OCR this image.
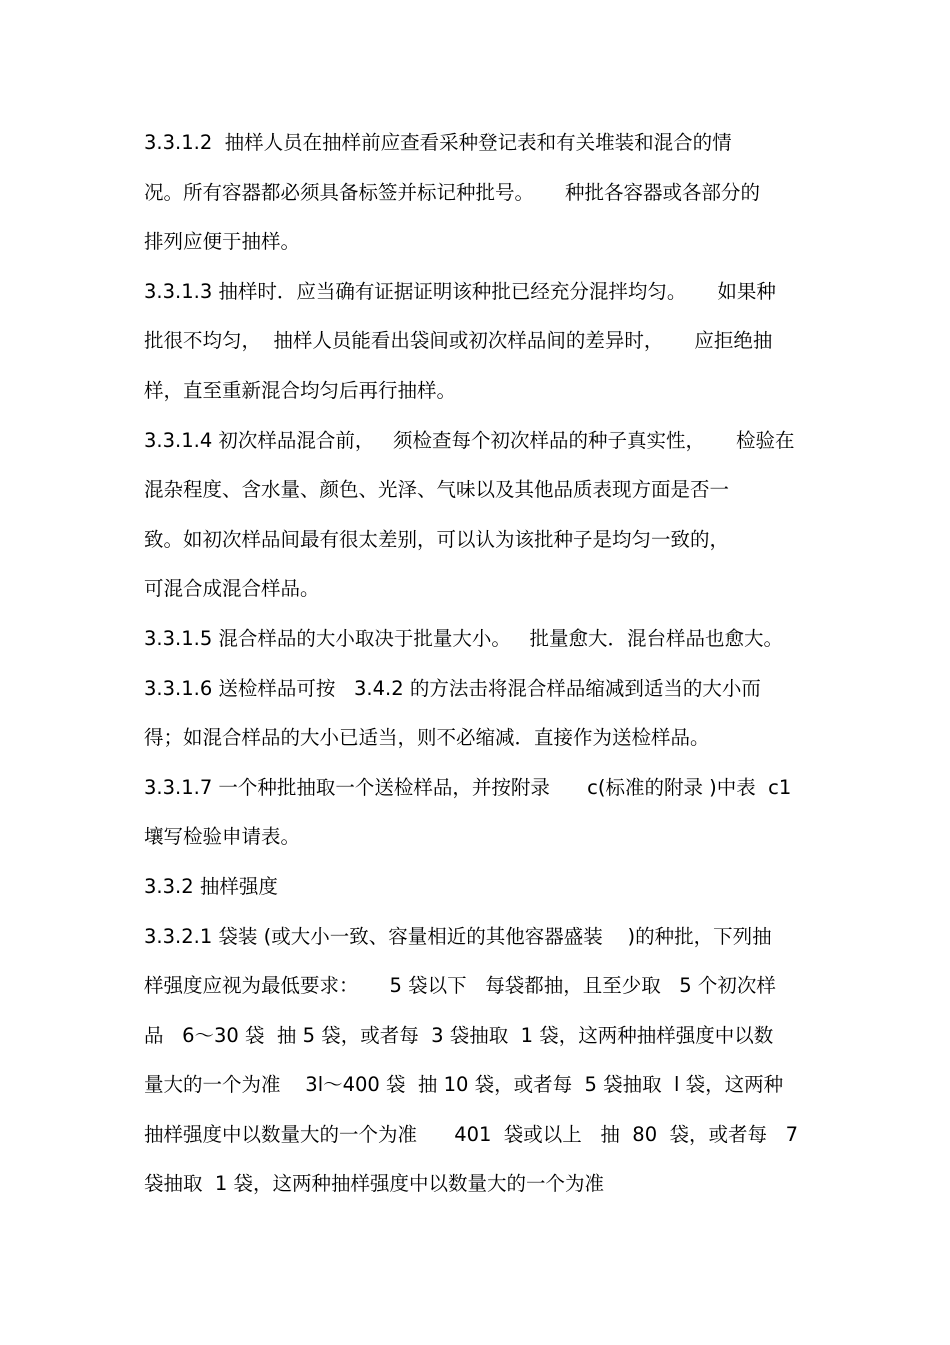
3.3.1.2  抽样人员在抽样前应查看采种登记表和有关堆装和混合的情
况。所有容器都必须具备标签并标记种批号。     种批各容器或各部分的
排列应便于抽样。
3.3.1.3 抽样时．应当确有证据证明该种批已经充分混拌均匀。     如果种
批很不均匀，  抽样人员能看出袋间或初次样品间的差异时，     应拒绝抽
样，直至重新混合均匀后再行抽样。
3.3.1.4 初次样品混合前，   须检查每个初次样品的种子真实性，     检验在
混杂程度、含水量、颜色、光泽、气味以及其他品质表现方面是否一
致。如初次样品间最有很太差别，可以认为该批种子是均匀一致的，
可混合成混合样品。
3.3.1.5 混合样品的大小取决于批量大小。   批量愈大．混台样品也愈大。
3.3.1.6 送检样品可按   3.4.2 的方法击将混合样品缩减到适当的大小而
得；如混合样品的大小已适当，则不必缩减．直接作为送检样品。
3.3.1.7 一个种批抽取一个送检样品，并按附录      c(标准的附录 )中表  c1
壤写检验申请表。
3.3.2 抽样强度
3.3.2.1 袋装 (或大小一致、容量相近的其他容器盛装    )的种批，下列抽
样强度应视为最低要求：     5 袋以下   每袋都抽，且至少取   5 个初次样
品   6～30 袋  抽 5 袋，或者每  3 袋抽取  1 袋，这两种抽样强度中以数
量大的一个为准    3l～400 袋  抽 10 袋，或者每  5 袋抽取  l 袋，这两种
抽样强度中以数量大的一个为准      401  袋或以上   抽  80  袋，或者每   7
袋抽取  1 袋，这两种抽样强度中以数量大的一个为准
